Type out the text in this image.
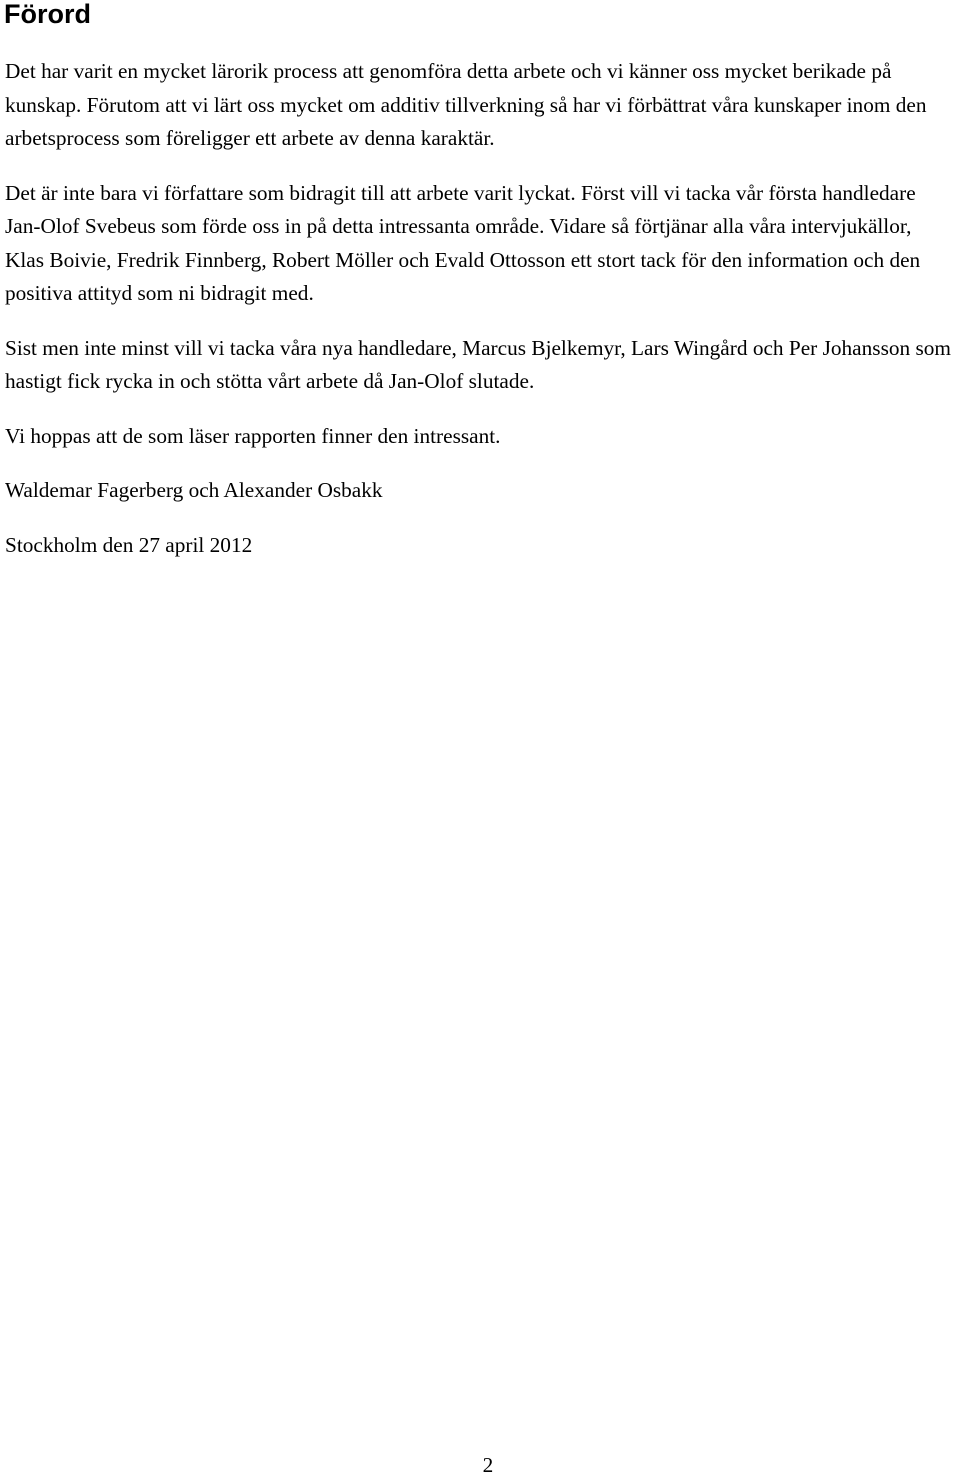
Förord

Det har varit en mycket lärorik process att genomföra detta arbete och vi känner oss mycket berikade på kunskap. Förutom att vi lärt oss mycket om additiv tillverkning så har vi förbättrat våra kunskaper inom den arbetsprocess som föreligger ett arbete av denna karaktär.

Det är inte bara vi författare som bidragit till att arbete varit lyckat. Först vill vi tacka vår första handledare Jan-Olof Svebeus som förde oss in på detta intressanta område. Vidare så förtjänar alla våra intervjukällor, Klas Boivie, Fredrik Finnberg, Robert Möller och Evald Ottosson ett stort tack för den information och den positiva attityd som ni bidragit med.

Sist men inte minst vill vi tacka våra nya handledare, Marcus Bjelkemyr, Lars Wingård och Per Johansson som hastigt fick rycka in och stötta vårt arbete då Jan-Olof slutade.

Vi hoppas att de som läser rapporten finner den intressant.

Waldemar Fagerberg och Alexander Osbakk

Stockholm den 27 april 2012

2
